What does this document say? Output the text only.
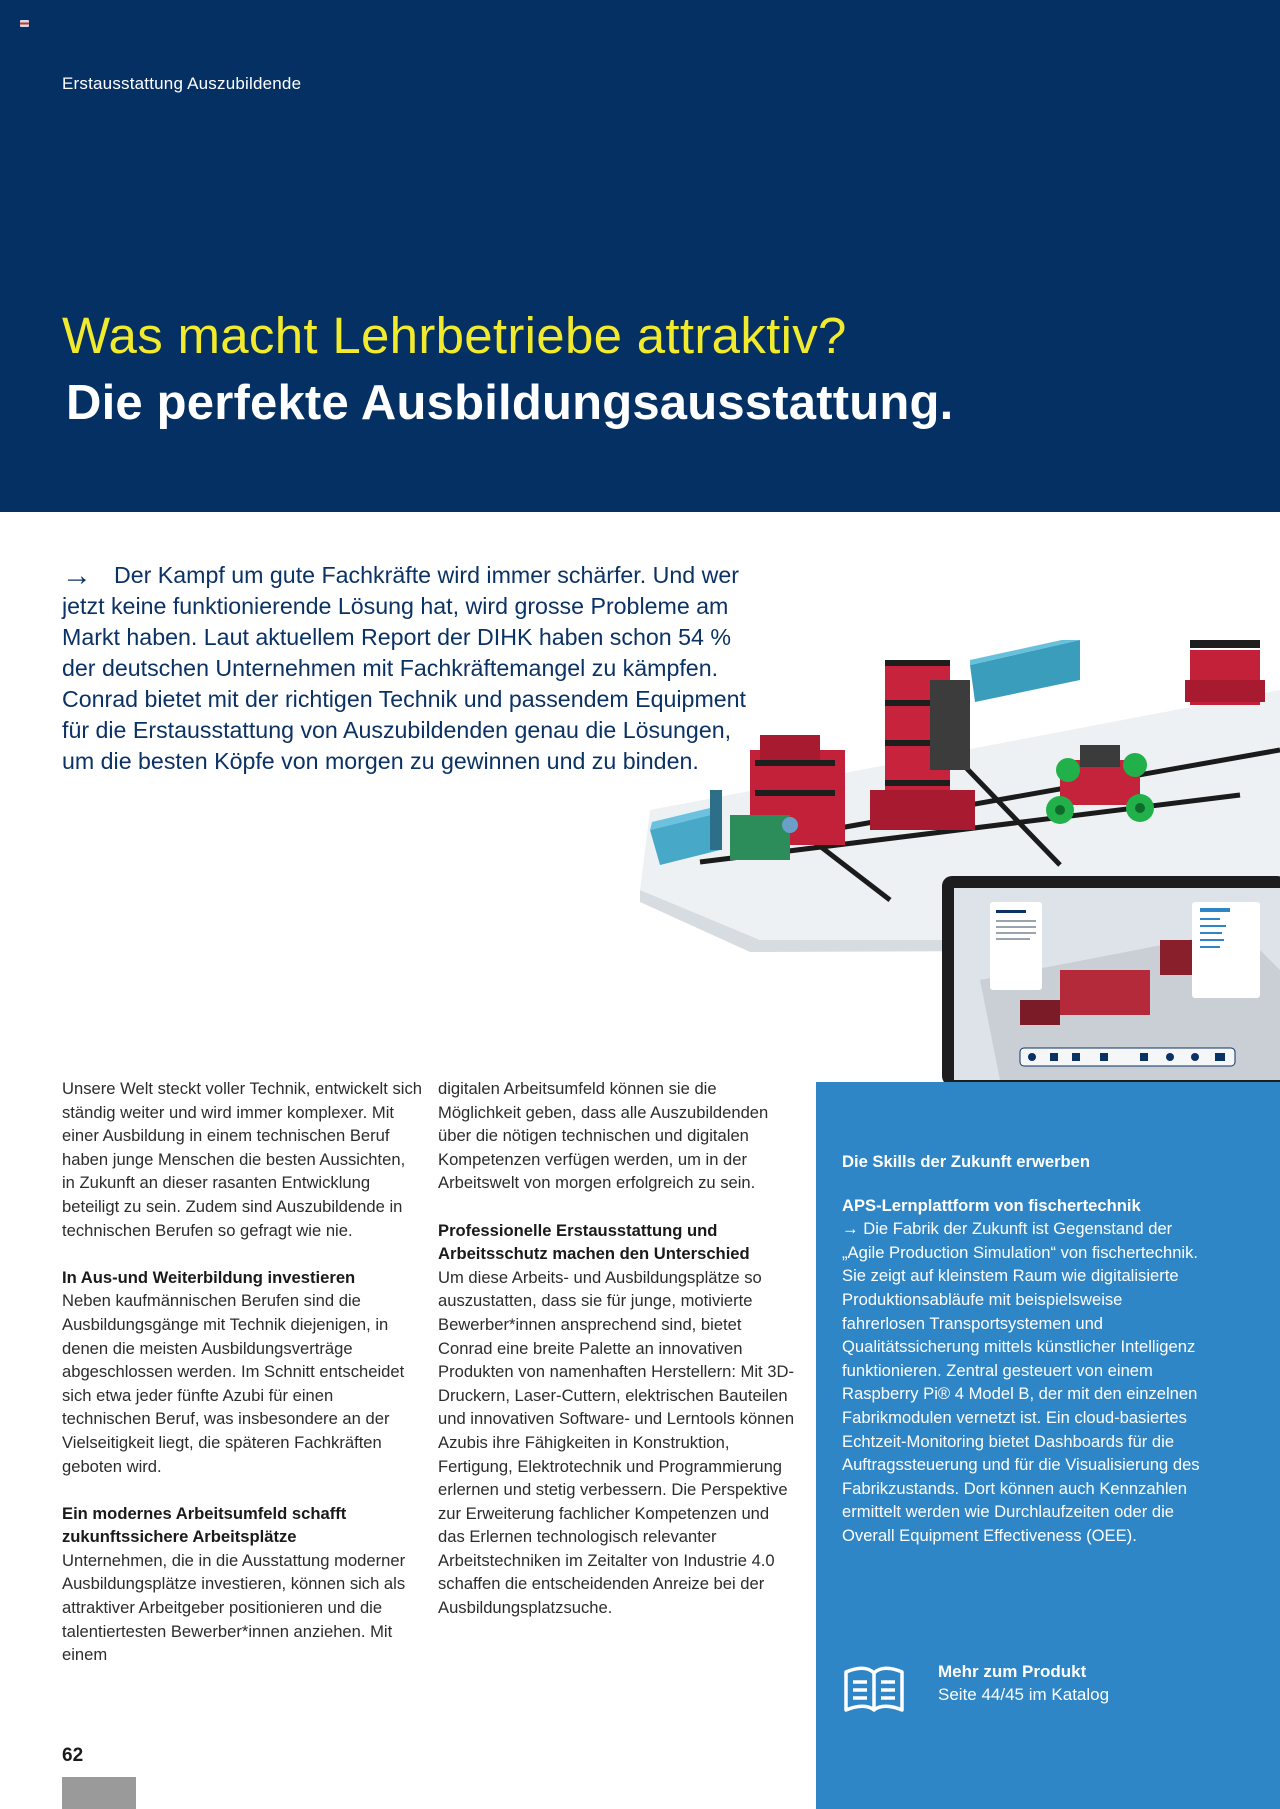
Erstausstattung Auszubildende
Was macht Lehrbetriebe attraktiv?
Die perfekte Ausbildungsausstattung.
→ Der Kampf um gute Fachkräfte wird immer schärfer. Und wer jetzt keine funktionierende Lösung hat, wird grosse Probleme am Markt haben. Laut aktuellem Report der DIHK haben schon 54 % der deutschen Unternehmen mit Fachkräftemangel zu kämpfen.
Conrad bietet mit der richtigen Technik und passendem Equipment für die Erstausstattung von Auszubildenden genau die Lösungen, um die besten Köpfe von morgen zu gewinnen und zu binden.

Unsere Welt steckt voller Technik, entwickelt sich ständig weiter und wird immer komplexer. Mit einer Ausbildung in einem technischen Beruf haben junge Menschen die besten Aussichten, in Zukunft an dieser rasanten Entwicklung beteiligt zu sein. Zudem sind Auszubildende in technischen Berufen so gefragt wie nie.

In Aus-und Weiterbildung investieren
Neben kaufmännischen Berufen sind die Ausbildungsgänge mit Technik diejenigen, in denen die meisten Ausbildungsverträge abgeschlossen werden. Im Schnitt entscheidet sich etwa jeder fünfte Azubi für einen technischen Beruf, was insbesondere an der Vielseitigkeit liegt, die späteren Fachkräften geboten wird.

Ein modernes Arbeitsumfeld schafft zukunftssichere Arbeitsplätze
Unternehmen, die in die Ausstattung moderner Ausbildungsplätze investieren, können sich als attraktiver Arbeitgeber positionieren und die talentiertesten Bewerber*innen anziehen. Mit einem

digitalen Arbeitsumfeld können sie die Möglichkeit geben, dass alle Auszubildenden über die nötigen technischen und digitalen Kompetenzen verfügen werden, um in der Arbeitswelt von morgen erfolgreich zu sein.

Professionelle Erstausstattung und Arbeitsschutz machen den Unterschied
Um diese Arbeits- und Ausbildungsplätze so auszustatten, dass sie für junge, motivierte Bewerber*innen ansprechend sind, bietet Conrad eine breite Palette an innovativen Produkten von namenhaften Herstellern: Mit 3D-Druckern, Laser-Cuttern, elektrischen Bauteilen und innovativen Software- und Lerntools können Azubis ihre Fähigkeiten in Konstruktion, Fertigung, Elektrotechnik und Programmierung erlernen und stetig verbessern. Die Perspektive zur Erweiterung fachlicher Kompetenzen und das Erlernen technologisch relevanter Arbeitstechniken im Zeitalter von Industrie 4.0 schaffen die entscheidenden Anreize bei der Ausbildungsplatzsuche.

Die Skills der Zukunft erwerben
APS-Lernplattform von fischertechnik
→ Die Fabrik der Zukunft ist Gegenstand der „Agile Production Simulation“ von fischertechnik. Sie zeigt auf kleinstem Raum wie digitalisierte Produktionsabläufe mit beispielsweise fahrerlosen Transportsystemen und Qualitätssicherung mittels künstlicher Intelligenz funktionieren. Zentral gesteuert von einem Raspberry Pi® 4 Model B, der mit den einzelnen Fabrikmodulen vernetzt ist. Ein cloud-basiertes Echtzeit-Monitoring bietet Dashboards für die Auftragssteuerung und für die Visualisierung des Fabrikzustands. Dort können auch Kennzahlen ermittelt werden wie Durchlaufzeiten oder die Overall Equipment Effectiveness (OEE).
Mehr zum Produkt
Seite 44/45 im Katalog
62
